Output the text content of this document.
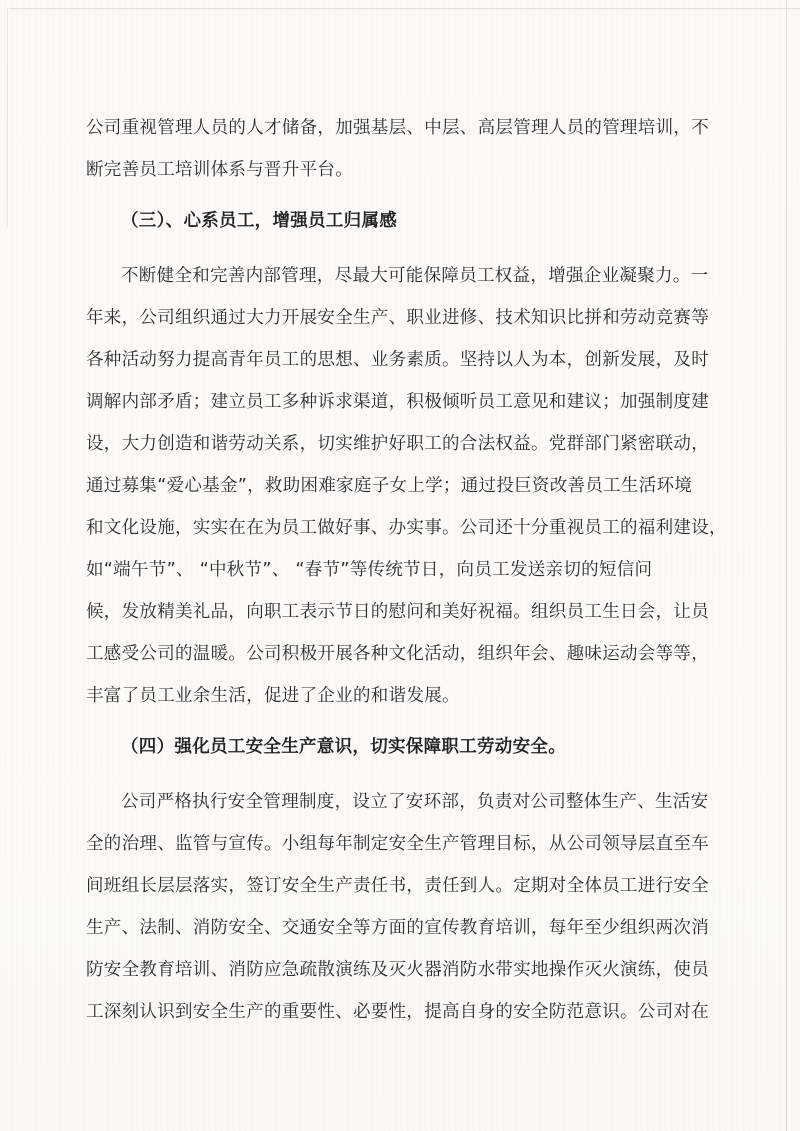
公司重视管理人员的人才储备，加强基层、中层、高层管理人员的管理培训，不
断完善员工培训体系与晋升平台。
（三）、心系员工，增强员工归属感
不断健全和完善内部管理，尽最大可能保障员工权益，增强企业凝聚力。一
年来，公司组织通过大力开展安全生产、职业进修、技术知识比拼和劳动竞赛等
各种活动努力提高青年员工的思想、业务素质。坚持以人为本，创新发展，及时
调解内部矛盾；建立员工多种诉求渠道，积极倾听员工意见和建议；加强制度建
设，大力创造和谐劳动关系，切实维护好职工的合法权益。党群部门紧密联动，
通过募集“爱心基金”，救助困难家庭子女上学；通过投巨资改善员工生活环境
和文化设施，实实在在为员工做好事、办实事。公司还十分重视员工的福利建设，
如“端午节”、 “中秋节”、 “春节”等传统节日，向员工发送亲切的短信问
候，发放精美礼品，向职工表示节日的慰问和美好祝福。组织员工生日会，让员
工感受公司的温暖。公司积极开展各种文化活动，组织年会、趣味运动会等等，
丰富了员工业余生活，促进了企业的和谐发展。
（四）强化员工安全生产意识，切实保障职工劳动安全。
公司严格执行安全管理制度，设立了安环部，负责对公司整体生产、生活安
全的治理、监管与宣传。小组每年制定安全生产管理目标，从公司领导层直至车
间班组长层层落实，签订安全生产责任书，责任到人。定期对全体员工进行安全
生产、法制、消防安全、交通安全等方面的宣传教育培训，每年至少组织两次消
防安全教育培训、消防应急疏散演练及灭火器消防水带实地操作灭火演练，使员
工深刻认识到安全生产的重要性、必要性，提高自身的安全防范意识。公司对在
